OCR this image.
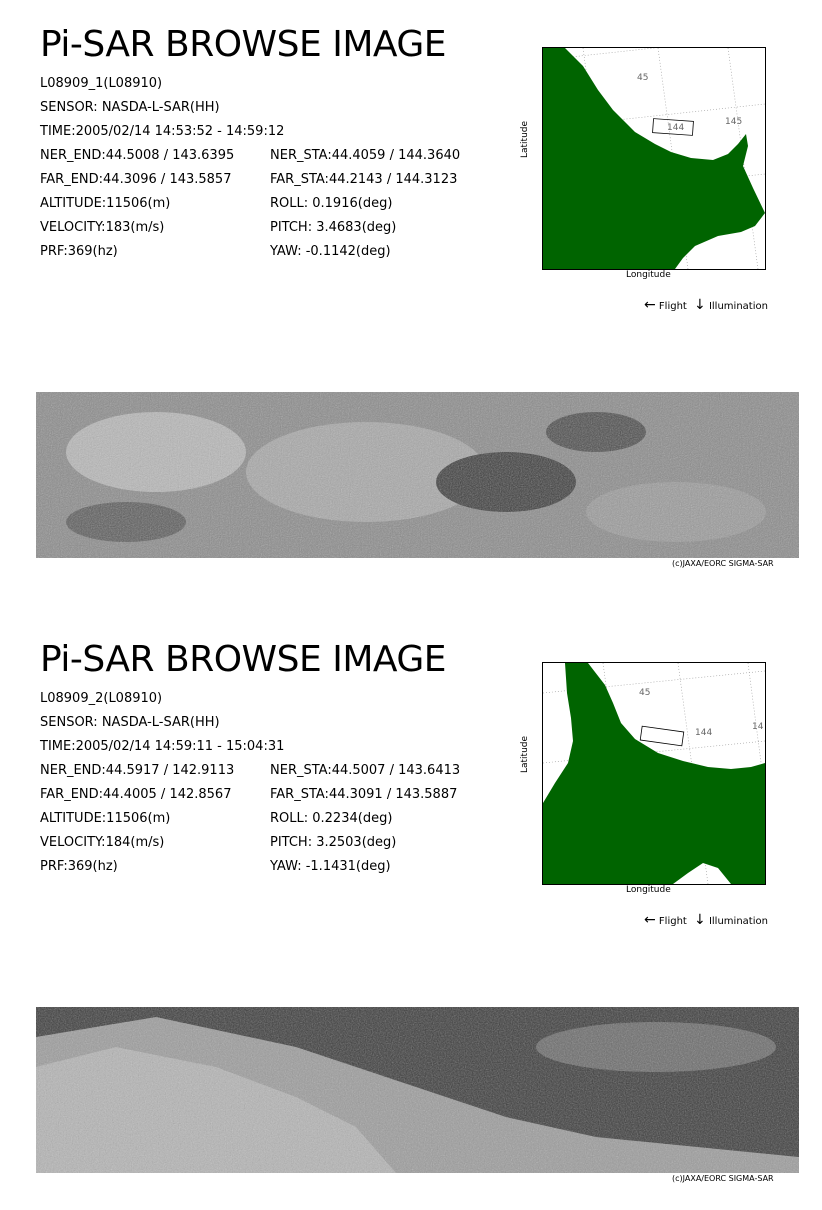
Pi-SAR BROWSE IMAGE
L08909_1(L08910)
SENSOR: NASDA-L-SAR(HH)
TIME:2005/02/14 14:53:52 - 14:59:12
NER_END:44.5008 / 143.6395	NER_STA:44.4059 / 144.3640
FAR_END:44.3096 / 143.5857	FAR_STA:44.2143 / 144.3123
ALTITUDE:11506(m)	ROLL: 0.1916(deg)
VELOCITY:183(m/s)	PITCH: 3.4683(deg)
PRF:369(hz)	YAW: -0.1142(deg)
45
144
145
Longitude
Latitude
← Flight ↓ Illumination
(c)JAXA/EORC SIGMA-SAR
Pi-SAR BROWSE IMAGE
L08909_2(L08910)
SENSOR: NASDA-L-SAR(HH)
TIME:2005/02/14 14:59:11 - 15:04:31
NER_END:44.5917 / 142.9113	NER_STA:44.5007 / 143.6413
FAR_END:44.4005 / 142.8567	FAR_STA:44.3091 / 143.5887
ALTITUDE:11506(m)	ROLL: 0.2234(deg)
VELOCITY:184(m/s)	PITCH: 3.2503(deg)
PRF:369(hz)	YAW: -1.1431(deg)
45
144
14
Longitude
Latitude
← Flight ↓ Illumination
(c)JAXA/EORC SIGMA-SAR
